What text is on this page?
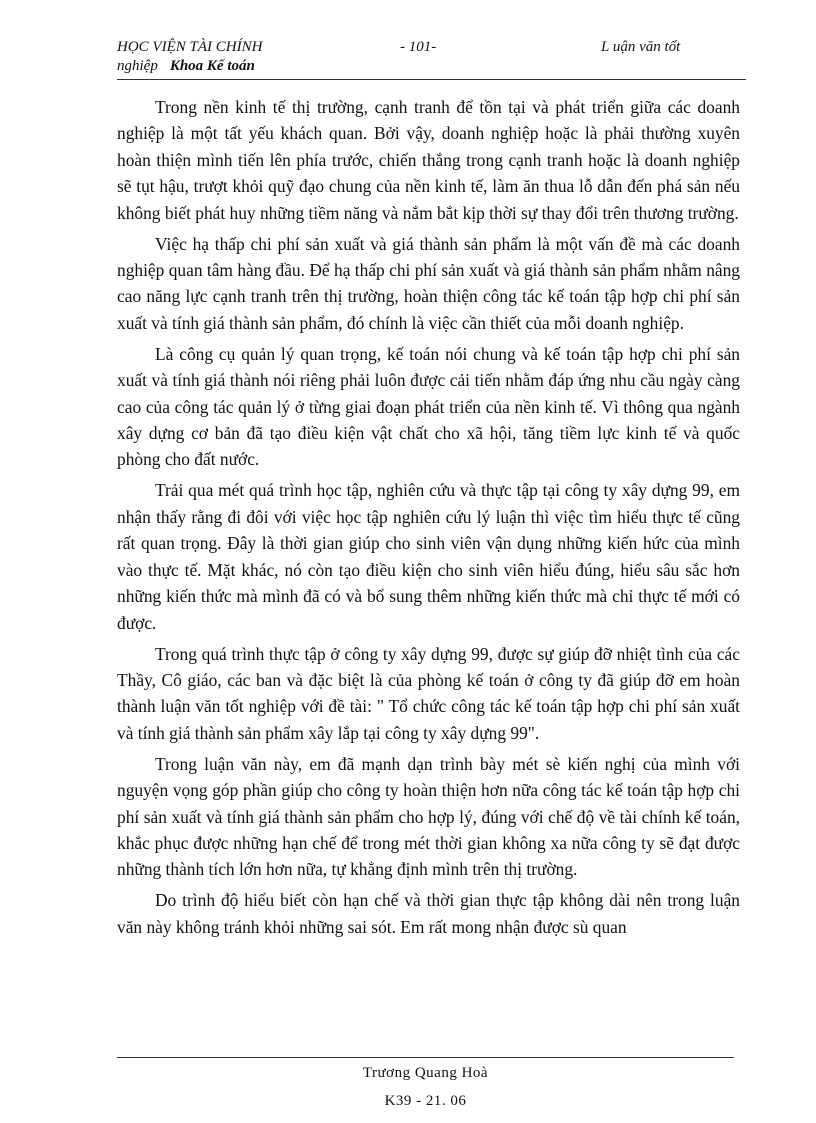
HỌC VIỆN TÀI CHÍNH	- 101-	L uận văn tốt
nghiệp Khoa Kế toán

Trong nền kinh tế thị trường, cạnh tranh để tồn tại và phát triển giữa các doanh nghiệp là một tất yếu khách quan. Bởi vậy, doanh nghiệp hoặc là phải thường xuyên hoàn thiện mình tiến lên phía trước, chiến thắng trong cạnh tranh hoặc là doanh nghiệp sẽ tụt hậu, trượt khỏi quỹ đạo chung của nền kinh tế, làm ăn thua lỗ dẫn đến phá sản nếu không biết phát huy những tiềm năng và nắm bắt kịp thời sự thay đổi trên thương trường.

Việc hạ thấp chi phí sản xuất và giá thành sản phẩm là một vấn đề mà các doanh nghiệp quan tâm hàng đầu. Để hạ thấp chi phí sản xuất và giá thành sản phẩm nhằm nâng cao năng lực cạnh tranh trên thị trường, hoàn thiện công tác kế toán tập hợp chi phí sản xuất và tính giá thành sản phẩm, đó chính là việc cần thiết của mỗi doanh nghiệp.

Là công cụ quản lý quan trọng, kế toán nói chung và kế toán tập hợp chi phí sản xuất và tính giá thành nói riêng phải luôn được cải tiến nhằm đáp ứng nhu cầu ngày càng cao của công tác quản lý ở từng giai đoạn phát triển của nền kinh tế. Vì thông qua ngành xây dựng cơ bản đã tạo điều kiện vật chất cho xã hội, tăng tiềm lực kinh tế và quốc phòng cho đất nước.

Trải qua mét quá trình học tập, nghiên cứu và thực tập tại công ty xây dựng 99, em nhận thấy rằng đi đôi với việc học tập nghiên cứu lý luận thì việc tìm hiểu thực tế cũng rất quan trọng. Đây là thời gian giúp cho sinh viên vận dụng những kiến hức của mình vào thực tế. Mặt khác, nó còn tạo điều kiện cho sinh viên hiểu đúng, hiểu sâu sắc hơn những kiến thức mà mình đã có và bổ sung thêm những kiến thức mà chỉ thực tế mới có được.

Trong quá trình thực tập ở công ty xây dựng 99, được sự giúp đỡ nhiệt tình của các Thầy, Cô giáo, các ban và đặc biệt là của phòng kế toán ở công ty đã giúp đỡ em hoàn thành luận văn tốt nghiệp với đề tài: " Tổ chức công tác kế toán tập hợp chi phí sản xuất và tính giá thành sản phẩm xây lắp tại công ty xây dựng 99".

Trong luận văn này, em đã mạnh dạn trình bày mét sè kiến nghị của mình với nguyện vọng góp phần giúp cho công ty hoàn thiện hơn nữa công tác kế toán tập hợp chi phí sản xuất và tính giá thành sản phẩm cho hợp lý, đúng với chế độ về tài chính kế toán, khắc phục được những hạn chế để trong mét thời gian không xa nữa công ty sẽ đạt được những thành tích lớn hơn nữa, tự khẳng định mình trên thị trường.

Do trình độ hiểu biết còn hạn chế và thời gian thực tập không dài nên trong luận văn này không tránh khỏi những sai sót. Em rất mong nhận được sù quan

Trương Quang Hoà
K39 - 21. 06
